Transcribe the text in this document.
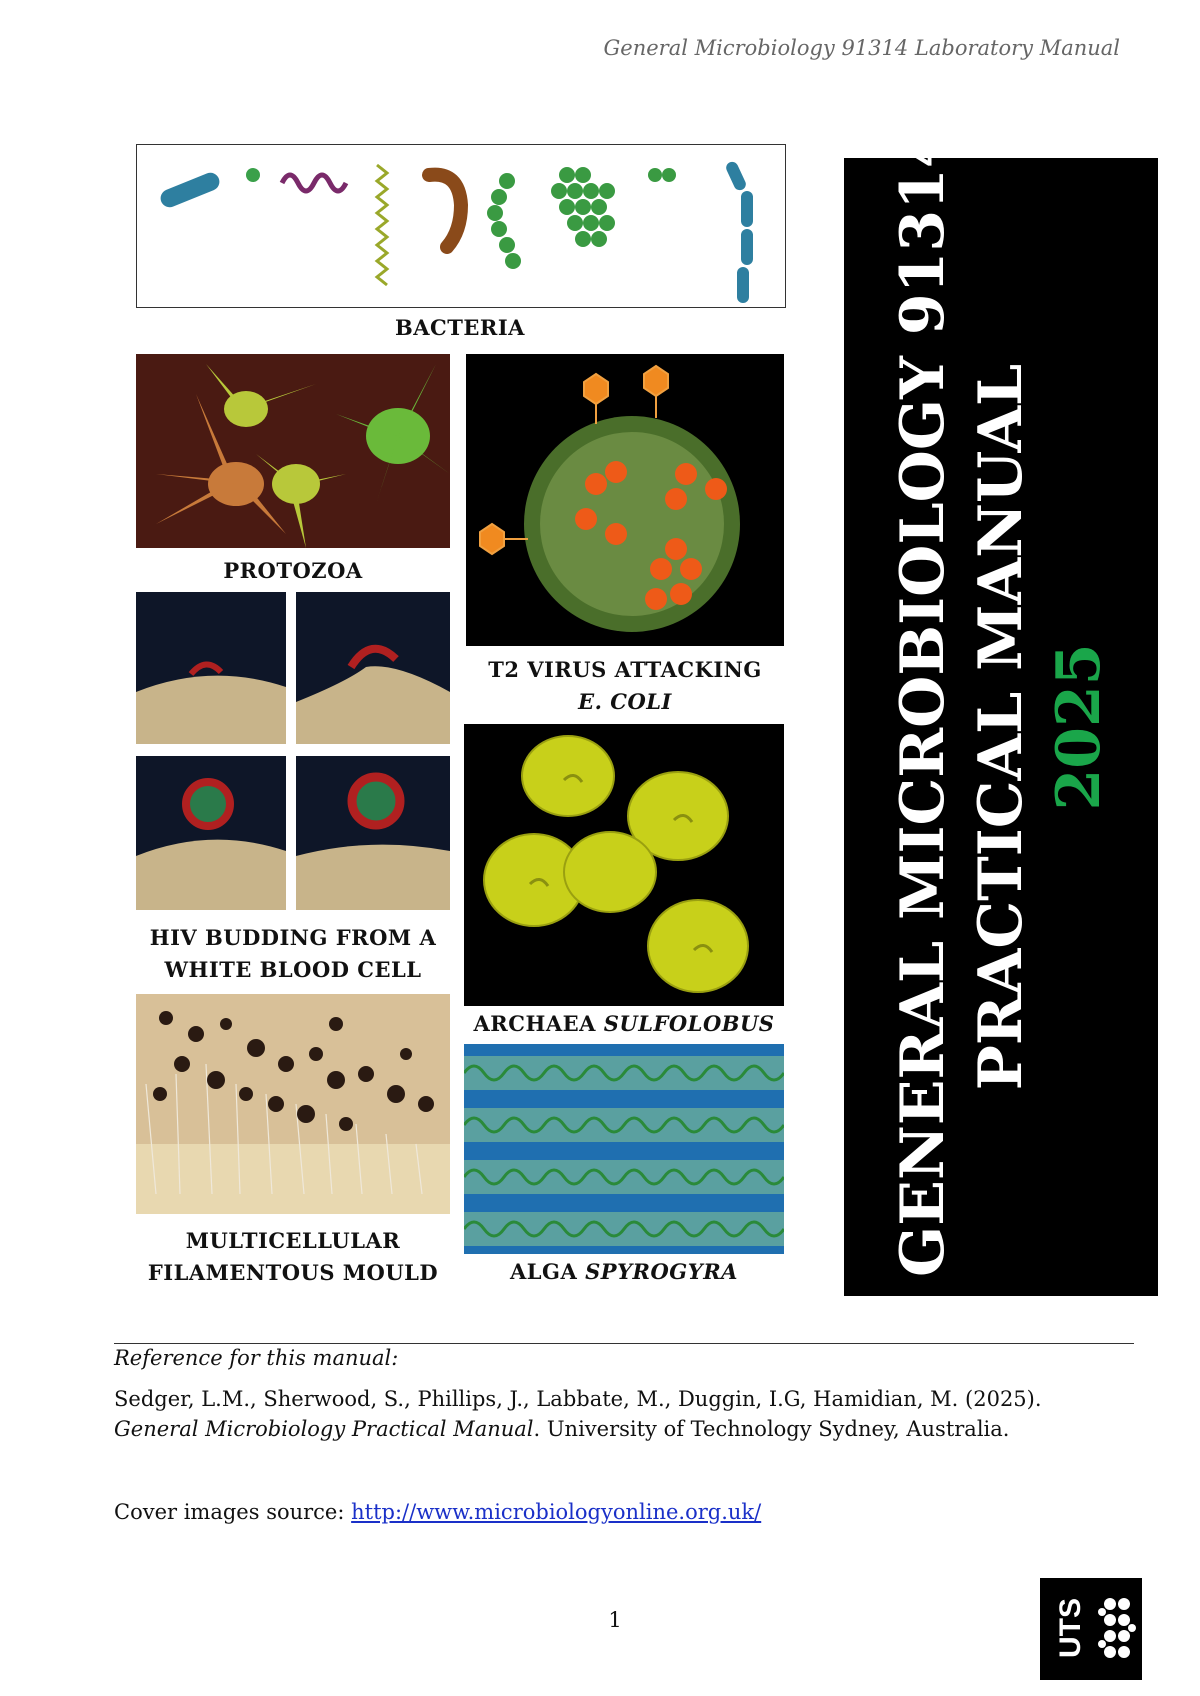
General Microbiology 91314 Laboratory Manual
BACTERIA
PROTOZOA
T2 VIRUS ATTACKING
E. COLI
HIV BUDDING FROM A
WHITE BLOOD CELL
ARCHAEA SULFOLOBUS
MULTICELLULAR
FILAMENTOUS MOULD	ALGA SPYROGYRA	GENERAL MICROBIOLOGY 91314 PRACTICAL MANUAL 2025
Reference for this manual:
Sedger, L.M., Sherwood, S., Phillips, J., Labbate, M., Duggin, I.G, Hamidian, M. (2025). General Microbiology Practical Manual. University of Technology Sydney, Australia.
Cover images source: http://www.microbiologyonline.org.uk/
1	UTS
